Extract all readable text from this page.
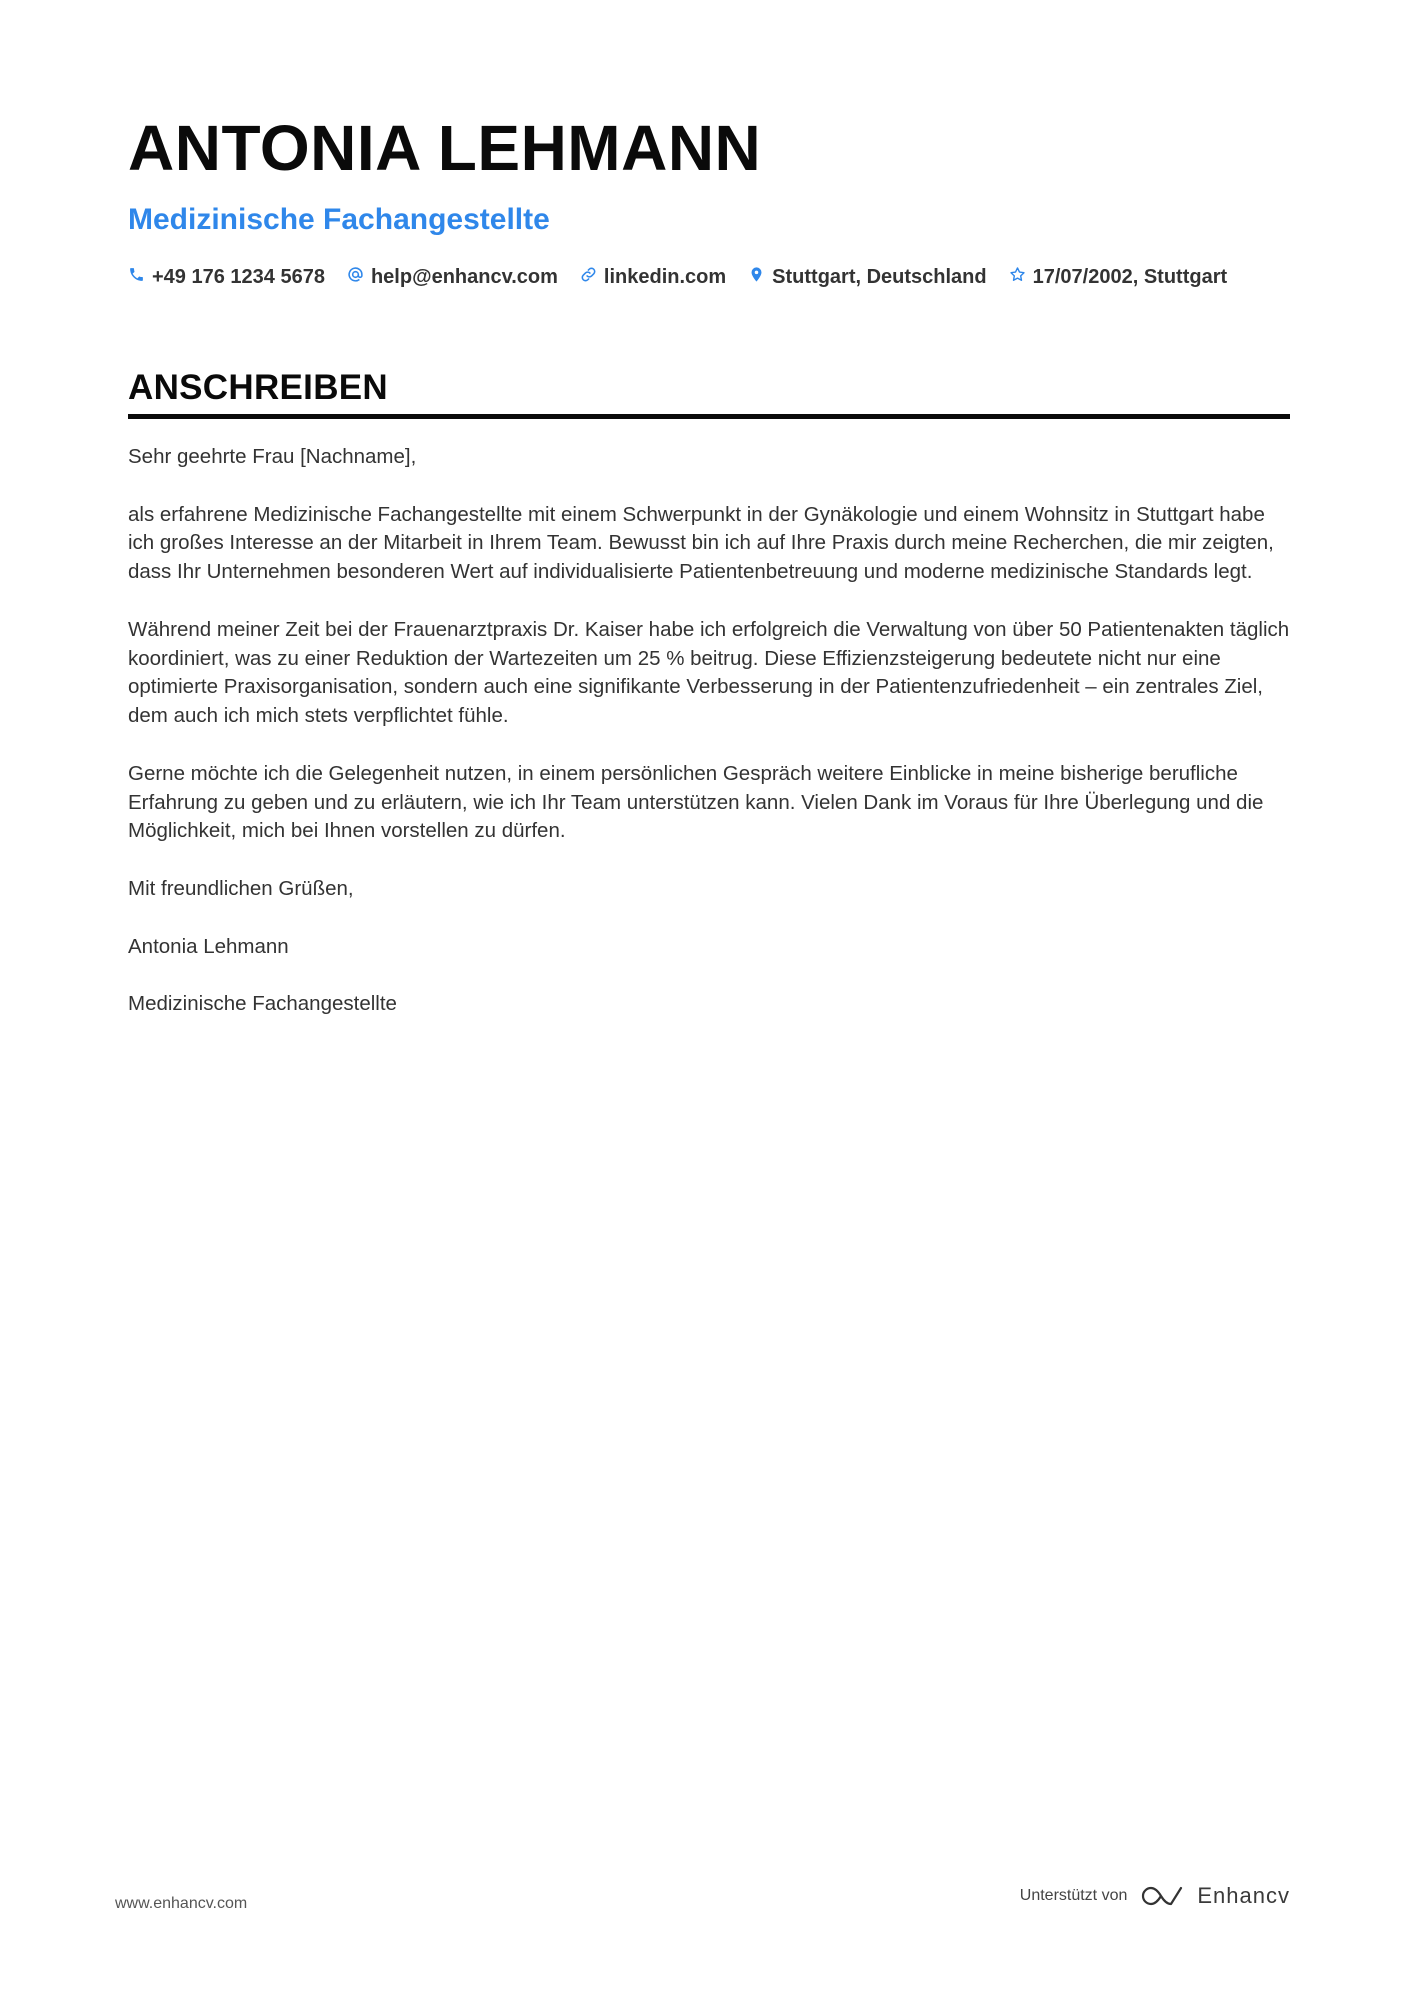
ANTONIA LEHMANN
Medizinische Fachangestellte
+49 176 1234 5678 help@enhancv.com linkedin.com Stuttgart, Deutschland 17/07/2002, Stuttgart
ANSCHREIBEN

Sehr geehrte Frau [Nachname],

als erfahrene Medizinische Fachangestellte mit einem Schwerpunkt in der Gynäkologie und einem Wohnsitz in Stuttgart habe ich großes Interesse an der Mitarbeit in Ihrem Team. Bewusst bin ich auf Ihre Praxis durch meine Recherchen, die mir zeigten, dass Ihr Unternehmen besonderen Wert auf individualisierte Patientenbetreuung und moderne medizinische Standards legt.

Während meiner Zeit bei der Frauenarztpraxis Dr. Kaiser habe ich erfolgreich die Verwaltung von über 50 Patientenakten täglich koordiniert, was zu einer Reduktion der Wartezeiten um 25 % beitrug. Diese Effizienzsteigerung bedeutete nicht nur eine optimierte Praxisorganisation, sondern auch eine signifikante Verbesserung in der Patientenzufriedenheit – ein zentrales Ziel, dem auch ich mich stets verpflichtet fühle.

Gerne möchte ich die Gelegenheit nutzen, in einem persönlichen Gespräch weitere Einblicke in meine bisherige berufliche Erfahrung zu geben und zu erläutern, wie ich Ihr Team unterstützen kann. Vielen Dank im Voraus für Ihre Überlegung und die Möglichkeit, mich bei Ihnen vorstellen zu dürfen.

Mit freundlichen Grüßen,

Antonia Lehmann

Medizinische Fachangestellte

www.enhancv.com	Unterstützt von	Enhancv
